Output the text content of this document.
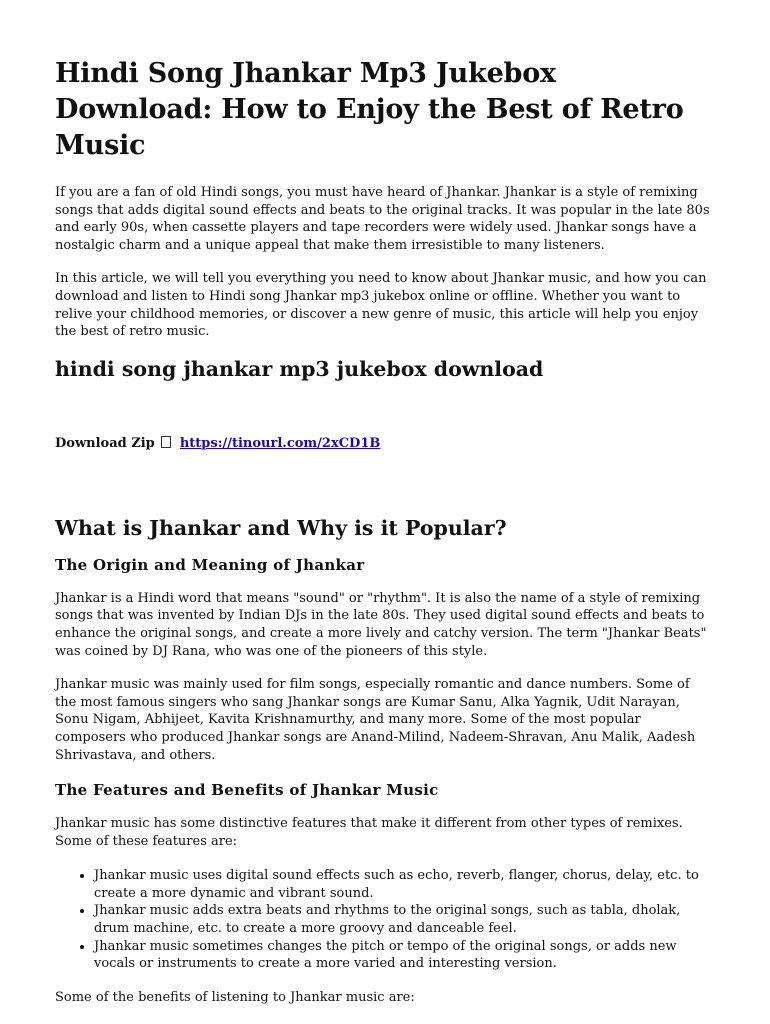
Hindi Song Jhankar Mp3 Jukebox Download: How to Enjoy the Best of Retro Music

If you are a fan of old Hindi songs, you must have heard of Jhankar. Jhankar is a style of remixing songs that adds digital sound effects and beats to the original tracks. It was popular in the late 80s and early 90s, when cassette players and tape recorders were widely used. Jhankar songs have a nostalgic charm and a unique appeal that make them irresistible to many listeners.

In this article, we will tell you everything you need to know about Jhankar music, and how you can download and listen to Hindi song Jhankar mp3 jukebox online or offline. Whether you want to relive your childhood memories, or discover a new genre of music, this article will help you enjoy the best of retro music.

hindi song jhankar mp3 jukebox download
Download Zip https://tinourl.com/2xCD1B
What is Jhankar and Why is it Popular?
The Origin and Meaning of Jhankar

Jhankar is a Hindi word that means "sound" or "rhythm". It is also the name of a style of remixing songs that was invented by Indian DJs in the late 80s. They used digital sound effects and beats to enhance the original songs, and create a more lively and catchy version. The term "Jhankar Beats" was coined by DJ Rana, who was one of the pioneers of this style.

Jhankar music was mainly used for film songs, especially romantic and dance numbers. Some of the most famous singers who sang Jhankar songs are Kumar Sanu, Alka Yagnik, Udit Narayan, Sonu Nigam, Abhijeet, Kavita Krishnamurthy, and many more. Some of the most popular composers who produced Jhankar songs are Anand-Milind, Nadeem-Shravan, Anu Malik, Aadesh Shrivastava, and others.

The Features and Benefits of Jhankar Music

Jhankar music has some distinctive features that make it different from other types of remixes. Some of these features are:

• Jhankar music uses digital sound effects such as echo, reverb, flanger, chorus, delay, etc. to create a more dynamic and vibrant sound.
• Jhankar music adds extra beats and rhythms to the original songs, such as tabla, dholak, drum machine, etc. to create a more groovy and danceable feel.
• Jhankar music sometimes changes the pitch or tempo of the original songs, or adds new vocals or instruments to create a more varied and interesting version.

Some of the benefits of listening to Jhankar music are:
